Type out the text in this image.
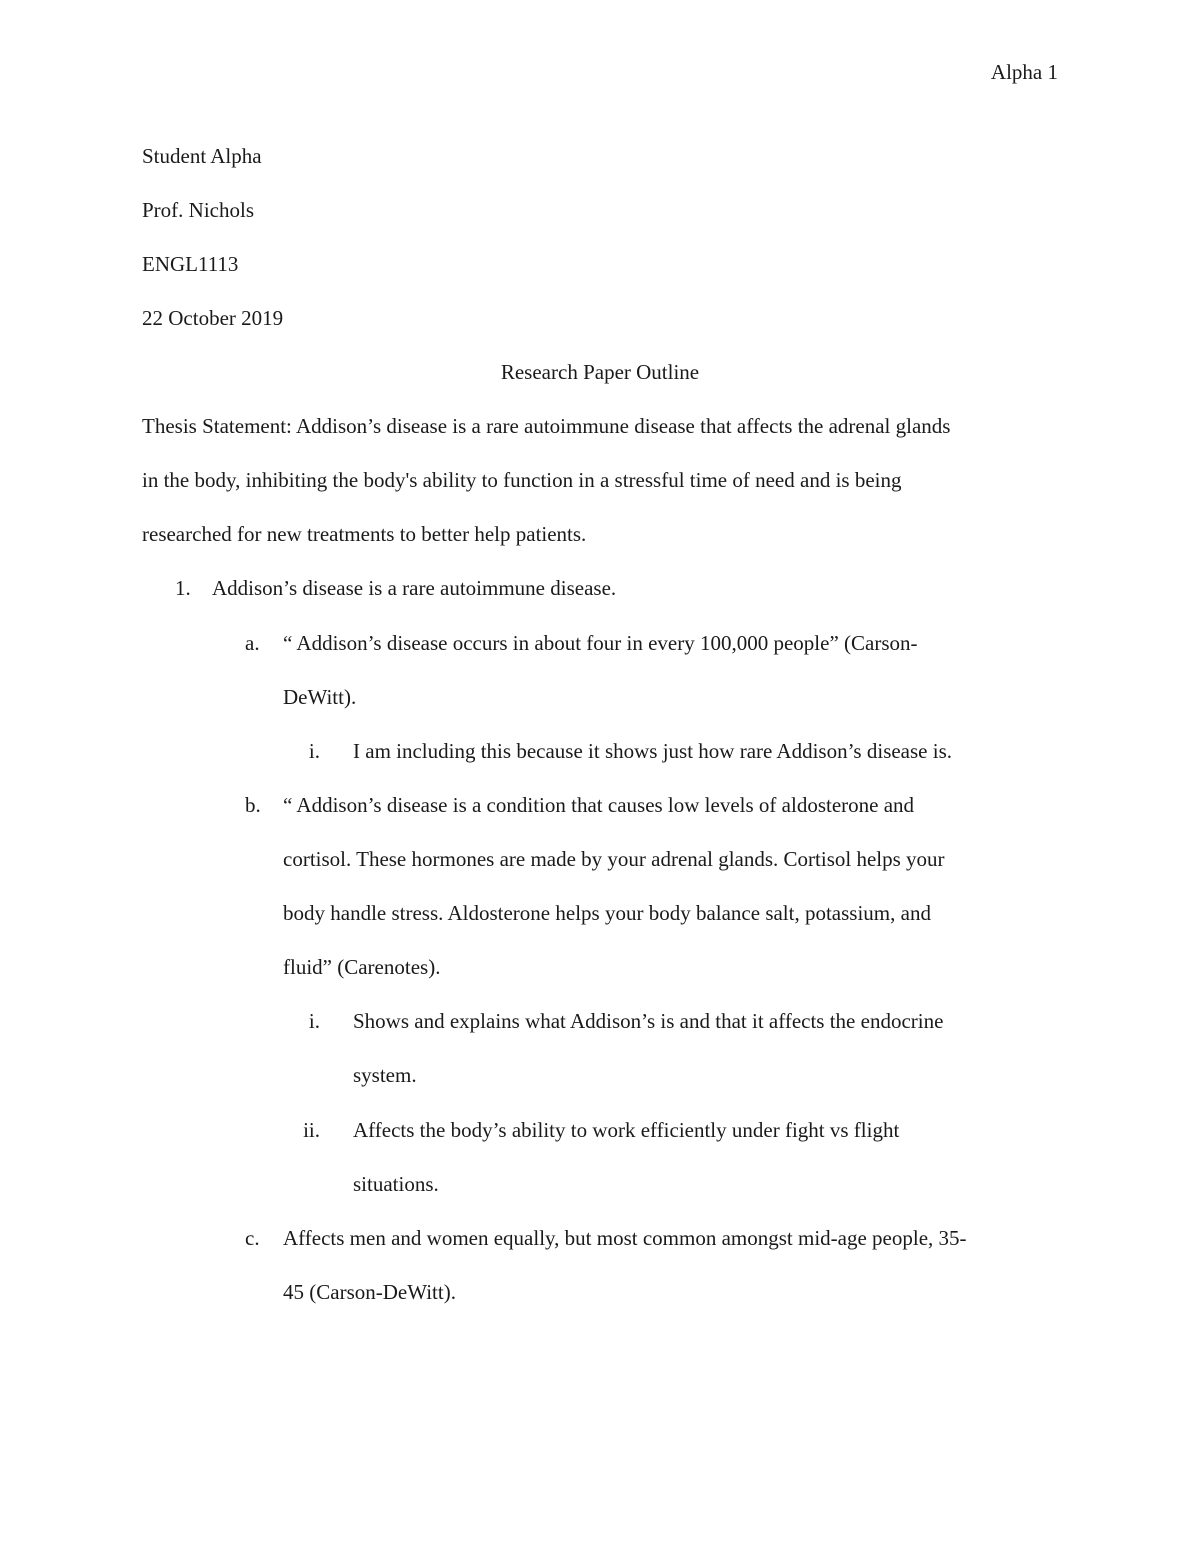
Alpha 1
Student Alpha
Prof. Nichols
ENGL1113
22 October 2019
Research Paper Outline
Thesis Statement: Addison’s disease is a rare autoimmune disease that affects the adrenal glands
in the body, inhibiting the body's ability to function in a stressful time of need and is being
researched for new treatments to better help patients.
1. Addison’s disease is a rare autoimmune disease.
a. “ Addison’s disease occurs in about four in every 100,000 people” (Carson-
DeWitt).
i. I am including this because it shows just how rare Addison’s disease is.
b. “ Addison’s disease is a condition that causes low levels of aldosterone and
cortisol. These hormones are made by your adrenal glands. Cortisol helps your
body handle stress. Aldosterone helps your body balance salt, potassium, and
fluid” (Carenotes).
i. Shows and explains what Addison’s is and that it affects the endocrine
system.
ii. Affects the body’s ability to work efficiently under fight vs flight
situations.
c. Affects men and women equally, but most common amongst mid-age people, 35-
45 (Carson-DeWitt).
